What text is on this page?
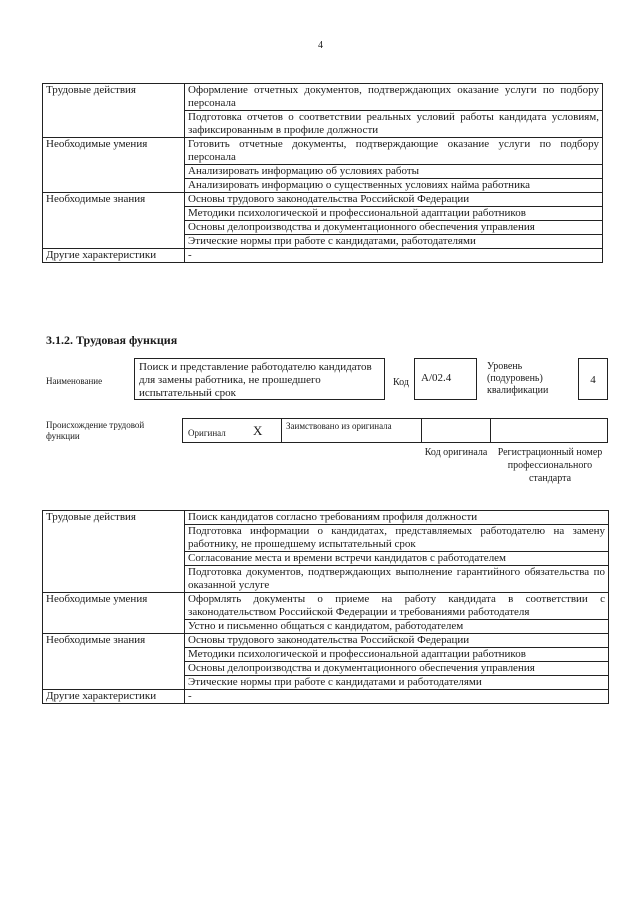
4
Трудовые действия	Оформление отчетных документов, подтверждающих оказание услуги по подбору персонала
	Подготовка отчетов о соответствии реальных условий работы кандидата условиям, зафиксированным в профиле должности
Необходимые умения	Готовить отчетные документы, подтверждающие оказание услуги по подбору персонала
	Анализировать информацию об условиях работы
	Анализировать информацию о существенных условиях найма работника
Необходимые знания	Основы трудового законодательства Российской Федерации
	Методики психологической и профессиональной адаптации работников
	Основы делопроизводства и документационного обеспечения управления
	Этические нормы при работе с кандидатами, работодателями
Другие характеристики	-
3.1.2. Трудовая функция
Наименование
Поиск и представление работодателю кандидатов для замены работника, не прошедшего испытательный срок
Код	А/02.4
Уровень (подуровень) квалификации
4
Происхождение трудовой функции	Оригинал X	Заимствовано из оригинала
Код оригинала	Регистрационный номер профессионального стандарта
Трудовые действия	Поиск кандидатов согласно требованиям профиля должности
	Подготовка информации о кандидатах, представляемых работодателю на замену работнику, не прошедшему испытательный срок
	Согласование места и времени встречи кандидатов с работодателем
	Подготовка документов, подтверждающих выполнение гарантийного обязательства по оказанной услуге
Необходимые умения	Оформлять документы о приеме на работу кандидата в соответствии с законодательством Российской Федерации и требованиями работодателя
	Устно и письменно общаться с кандидатом, работодателем
Необходимые знания	Основы трудового законодательства Российской Федерации
	Методики психологической и профессиональной адаптации работников
	Основы делопроизводства и документационного обеспечения управления
	Этические нормы при работе с кандидатами и работодателями
Другие характеристики	-
